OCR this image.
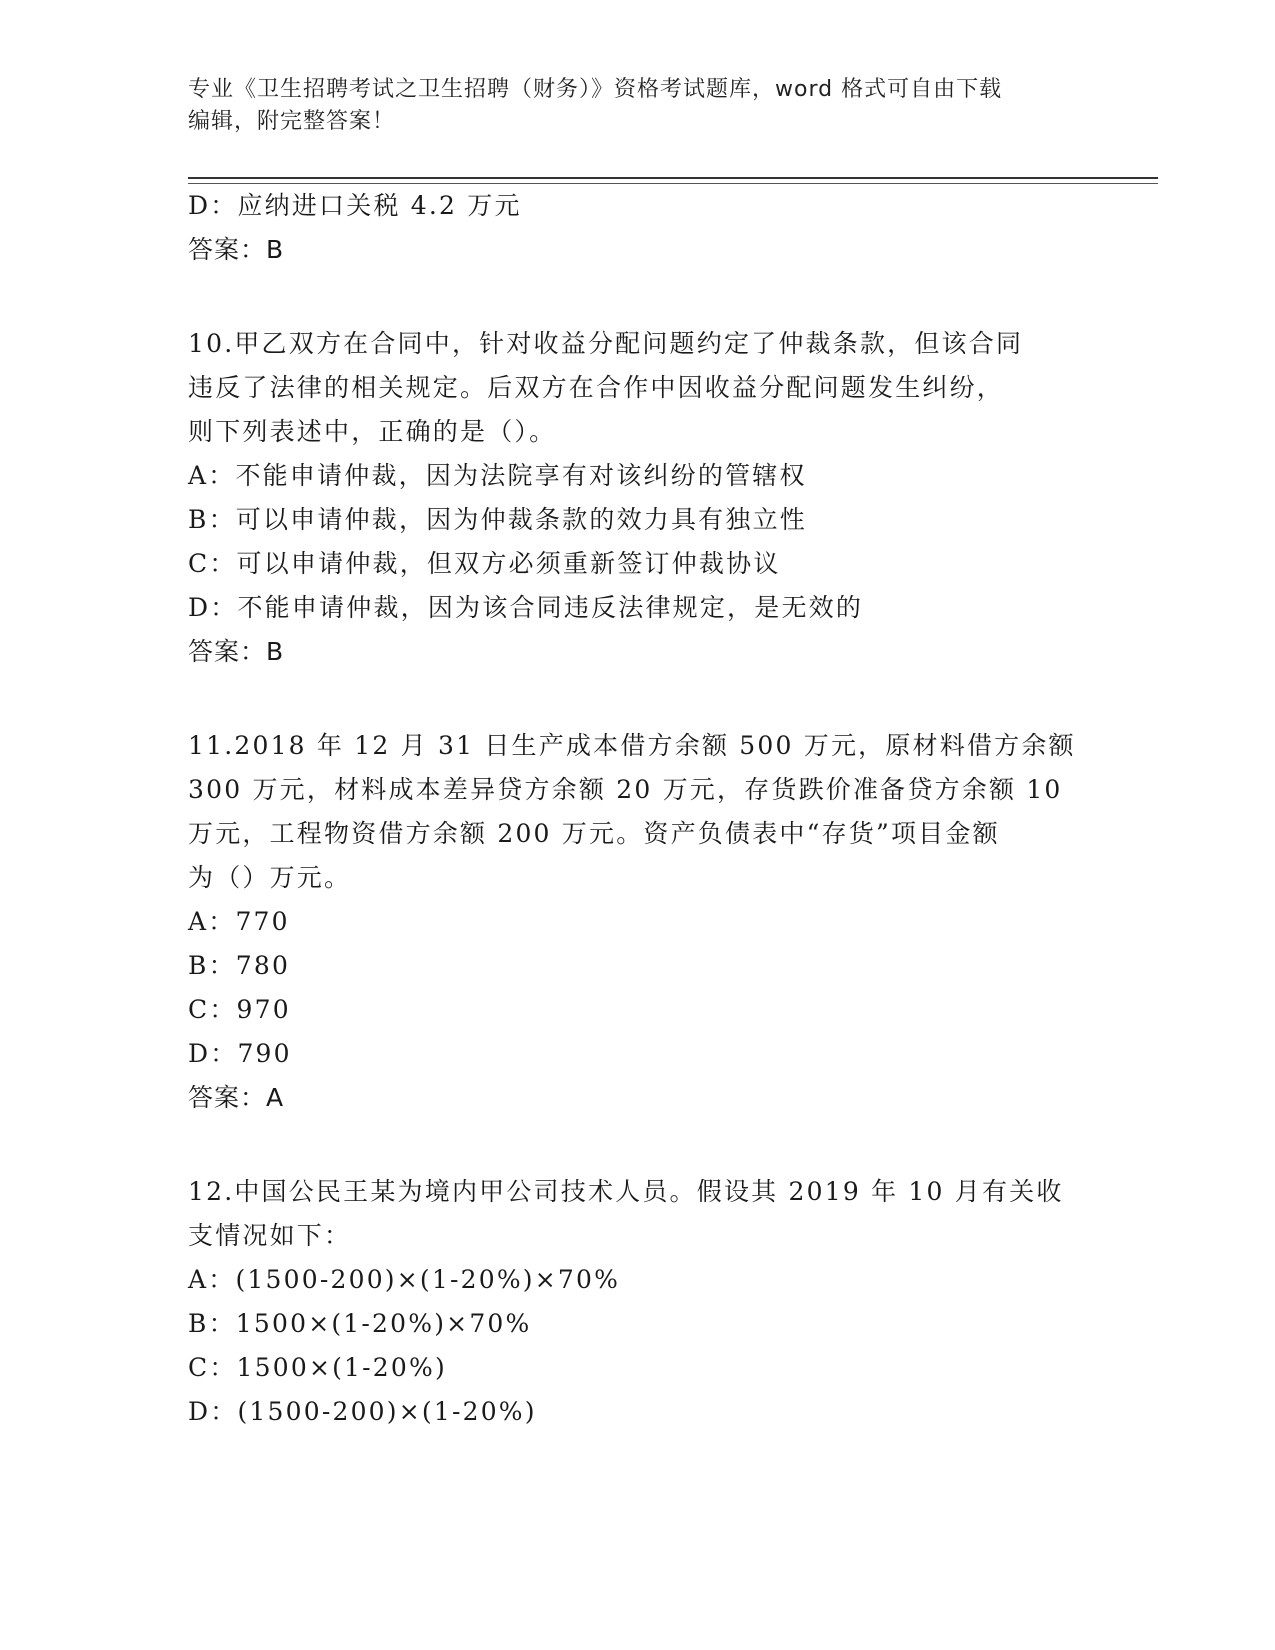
专业《卫生招聘考试之卫生招聘（财务）》资格考试题库，word 格式可自由下载
编辑，附完整答案！
D：应纳进口关税 4.2 万元
答案：B
10.甲乙双方在合同中，针对收益分配问题约定了仲裁条款，但该合同
违反了法律的相关规定。后双方在合作中因收益分配问题发生纠纷，
则下列表述中，正确的是（）。
A：不能申请仲裁，因为法院享有对该纠纷的管辖权
B：可以申请仲裁，因为仲裁条款的效力具有独立性
C：可以申请仲裁，但双方必须重新签订仲裁协议
D：不能申请仲裁，因为该合同违反法律规定，是无效的
答案：B
11.2018 年 12 月 31 日生产成本借方余额 500 万元，原材料借方余额
300 万元，材料成本差异贷方余额 20 万元，存货跌价准备贷方余额 10
万元，工程物资借方余额 200 万元。资产负债表中“存货”项目金额
为（）万元。
A：770
B：780
C：970
D：790
答案：A
12.中国公民王某为境内甲公司技术人员。假设其 2019 年 10 月有关收
支情况如下：
A：(1500-200)×(1-20%)×70%
B：1500×(1-20%)×70%
C：1500×(1-20%)
D：(1500-200)×(1-20%)
